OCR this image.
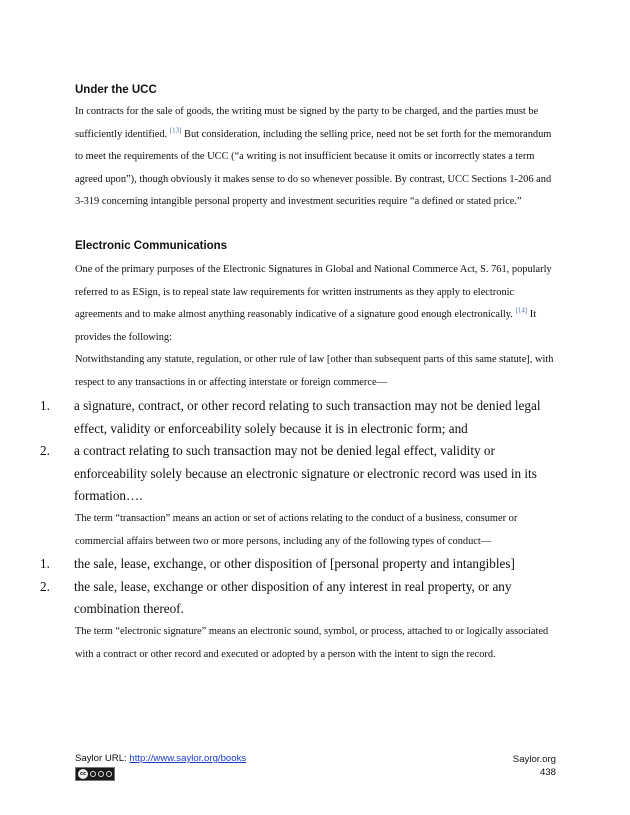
Under the UCC

In contracts for the sale of goods, the writing must be signed by the party to be charged, and the parties must be sufficiently identified. [13] But consideration, including the selling price, need not be set forth for the memorandum to meet the requirements of the UCC (“a writing is not insufficient because it omits or incorrectly states a term agreed upon”), though obviously it makes sense to do so whenever possible. By contrast, UCC Sections 1-206 and 3-319 concerning intangible personal property and investment securities require “a defined or stated price.”

Electronic Communications

One of the primary purposes of the Electronic Signatures in Global and National Commerce Act, S. 761, popularly referred to as ESign, is to repeal state law requirements for written instruments as they apply to electronic agreements and to make almost anything reasonably indicative of a signature good enough electronically. [14] It provides the following:

Notwithstanding any statute, regulation, or other rule of law [other than subsequent parts of this same statute], with respect to any transactions in or affecting interstate or foreign commerce—

1. a signature, contract, or other record relating to such transaction may not be denied legal effect, validity or enforceability solely because it is in electronic form; and
2. a contract relating to such transaction may not be denied legal effect, validity or enforceability solely because an electronic signature or electronic record was used in its formation….

The term “transaction” means an action or set of actions relating to the conduct of a business, consumer or commercial affairs between two or more persons, including any of the following types of conduct—

1. the sale, lease, exchange, or other disposition of [personal property and intangibles]
2. the sale, lease, exchange or other disposition of any interest in real property, or any combination thereof.

The term “electronic signature” means an electronic sound, symbol, or process, attached to or logically associated with a contract or other record and executed or adopted by a person with the intent to sign the record.

Saylor URL: http://www.saylor.org/books
cc
Saylor.org
438
